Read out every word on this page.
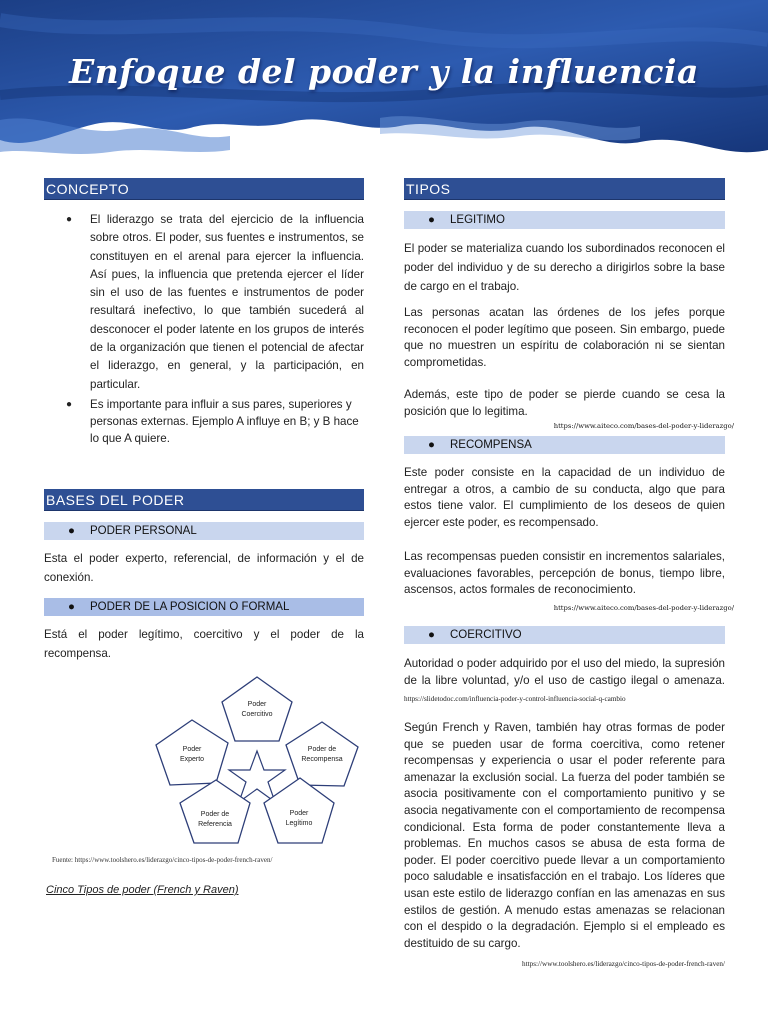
Enfoque del poder y la influencia
CONCEPTO
● El liderazgo se trata del ejercicio de la influencia sobre otros. El poder, sus fuentes e instrumentos, se constituyen en el arenal para ejercer la influencia. Así pues, la influencia que pretenda ejercer el líder sin el uso de las fuentes e instrumentos de poder resultará inefectivo, lo que también sucederá al desconocer el poder latente en los grupos de interés de la organización que tienen el potencial de afectar el liderazgo, en general, y la participación, en particular.
● Es importante para influir a sus pares, superiores y personas externas. Ejemplo A influye en B; y B hace lo que A quiere.
BASES DEL PODER
● PODER PERSONAL

Esta el poder experto, referencial, de información y el de conexión.

● PODER DE LA POSICION O FORMAL

Está el poder legítimo, coercitivo y el poder de la recompensa.

Fuente: https://www.toolshero.es/liderazgo/cinco-tipos-de-poder-french-raven/
Cinco Tipos de poder (French y Raven)
Poder
Coercitivo
Poder
Experto
Poder de
Recompensa
Poder de
Referencia
Poder
Legítimo
TIPOS
● LEGITIMO

El poder se materializa cuando los subordinados reconocen el poder del individuo y de su derecho a dirigirlos sobre la base de cargo en el trabajo.

Las personas acatan las órdenes de los jefes porque reconocen el poder legítimo que poseen. Sin embargo, puede que no muestren un espíritu de colaboración ni se sientan comprometidas.

Además, este tipo de poder se pierde cuando se cesa la posición que lo legitima.

https://www.aiteco.com/bases-del-poder-y-liderazgo/
● RECOMPENSA

Este poder consiste en la capacidad de un individuo de entregar a otros, a cambio de su conducta, algo que para estos tiene valor. El cumplimiento de los deseos de quien ejercer este poder, es recompensado.

Las recompensas pueden consistir en incrementos salariales, evaluaciones favorables, percepción de bonus, tiempo libre, ascensos, actos formales de reconocimiento.

https://www.aiteco.com/bases-del-poder-y-liderazgo/
● COERCITIVO

Autoridad o poder adquirido por el uso del miedo, la supresión de la libre voluntad, y/o el uso de castigo ilegal o amenaza. https://slidetodoc.com/influencia-poder-y-control-influencia-social-q-cambio

Según French y Raven, también hay otras formas de poder que se pueden usar de forma coercitiva, como retener recompensas y experiencia o usar el poder referente para amenazar la exclusión social. La fuerza del poder también se asocia positivamente con el comportamiento punitivo y se asocia negativamente con el comportamiento de recompensa condicional. Esta forma de poder constantemente lleva a problemas. En muchos casos se abusa de esta forma de poder. El poder coercitivo puede llevar a un comportamiento poco saludable e insatisfacción en el trabajo. Los líderes que usan este estilo de liderazgo confían en las amenazas en sus estilos de gestión. A menudo estas amenazas se relacionan con el despido o la degradación. Ejemplo si el empleado es destituido de su cargo.

https://www.toolshero.es/liderazgo/cinco-tipos-de-poder-french-raven/
